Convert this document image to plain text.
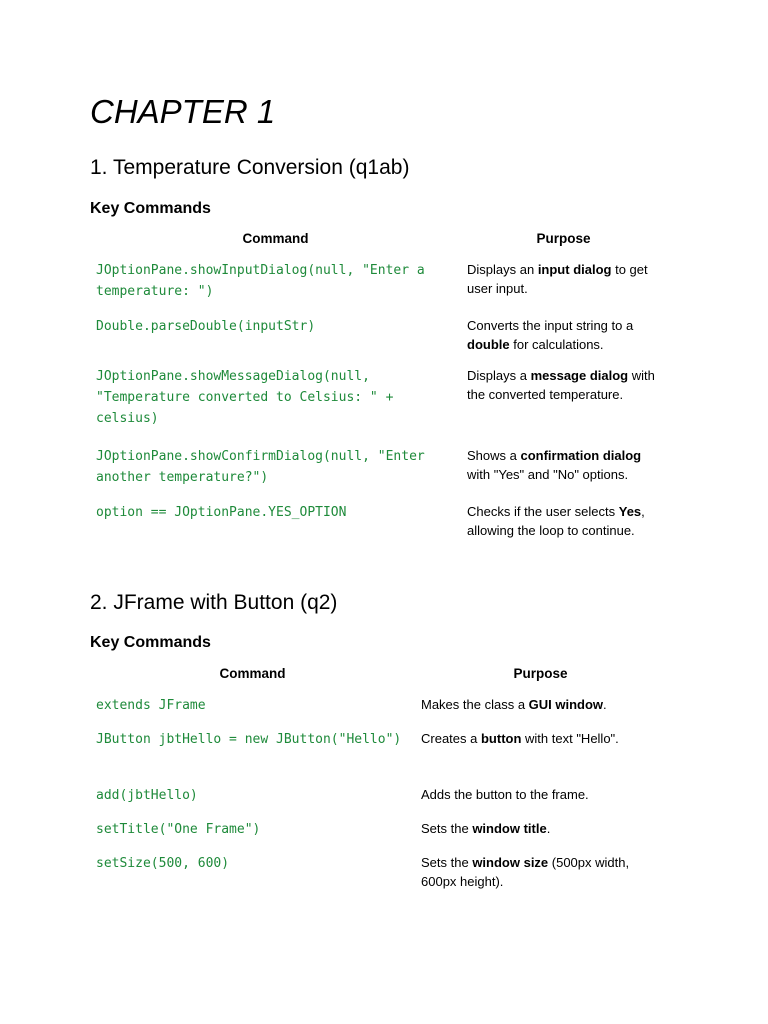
CHAPTER 1
1. Temperature Conversion (q1ab)
Key Commands
Command	Purpose
JOptionPane.showInputDialog(null, "Enter a temperature: ")	Displays an input dialog to get user input.
Double.parseDouble(inputStr)	Converts the input string to a double for calculations.
JOptionPane.showMessageDialog(null, "Temperature converted to Celsius: " + celsius)	Displays a message dialog with the converted temperature.
JOptionPane.showConfirmDialog(null, "Enter another temperature?")	Shows a confirmation dialog with "Yes" and "No" options.
option == JOptionPane.YES_OPTION	Checks if the user selects Yes, allowing the loop to continue.
2. JFrame with Button (q2)
Key Commands
Command	Purpose
extends JFrame	Makes the class a GUI window.
JButton jbtHello = new JButton("Hello")	Creates a button with text "Hello".
add(jbtHello)	Adds the button to the frame.
setTitle("One Frame")	Sets the window title.
setSize(500, 600)	Sets the window size (500px width, 600px height).
